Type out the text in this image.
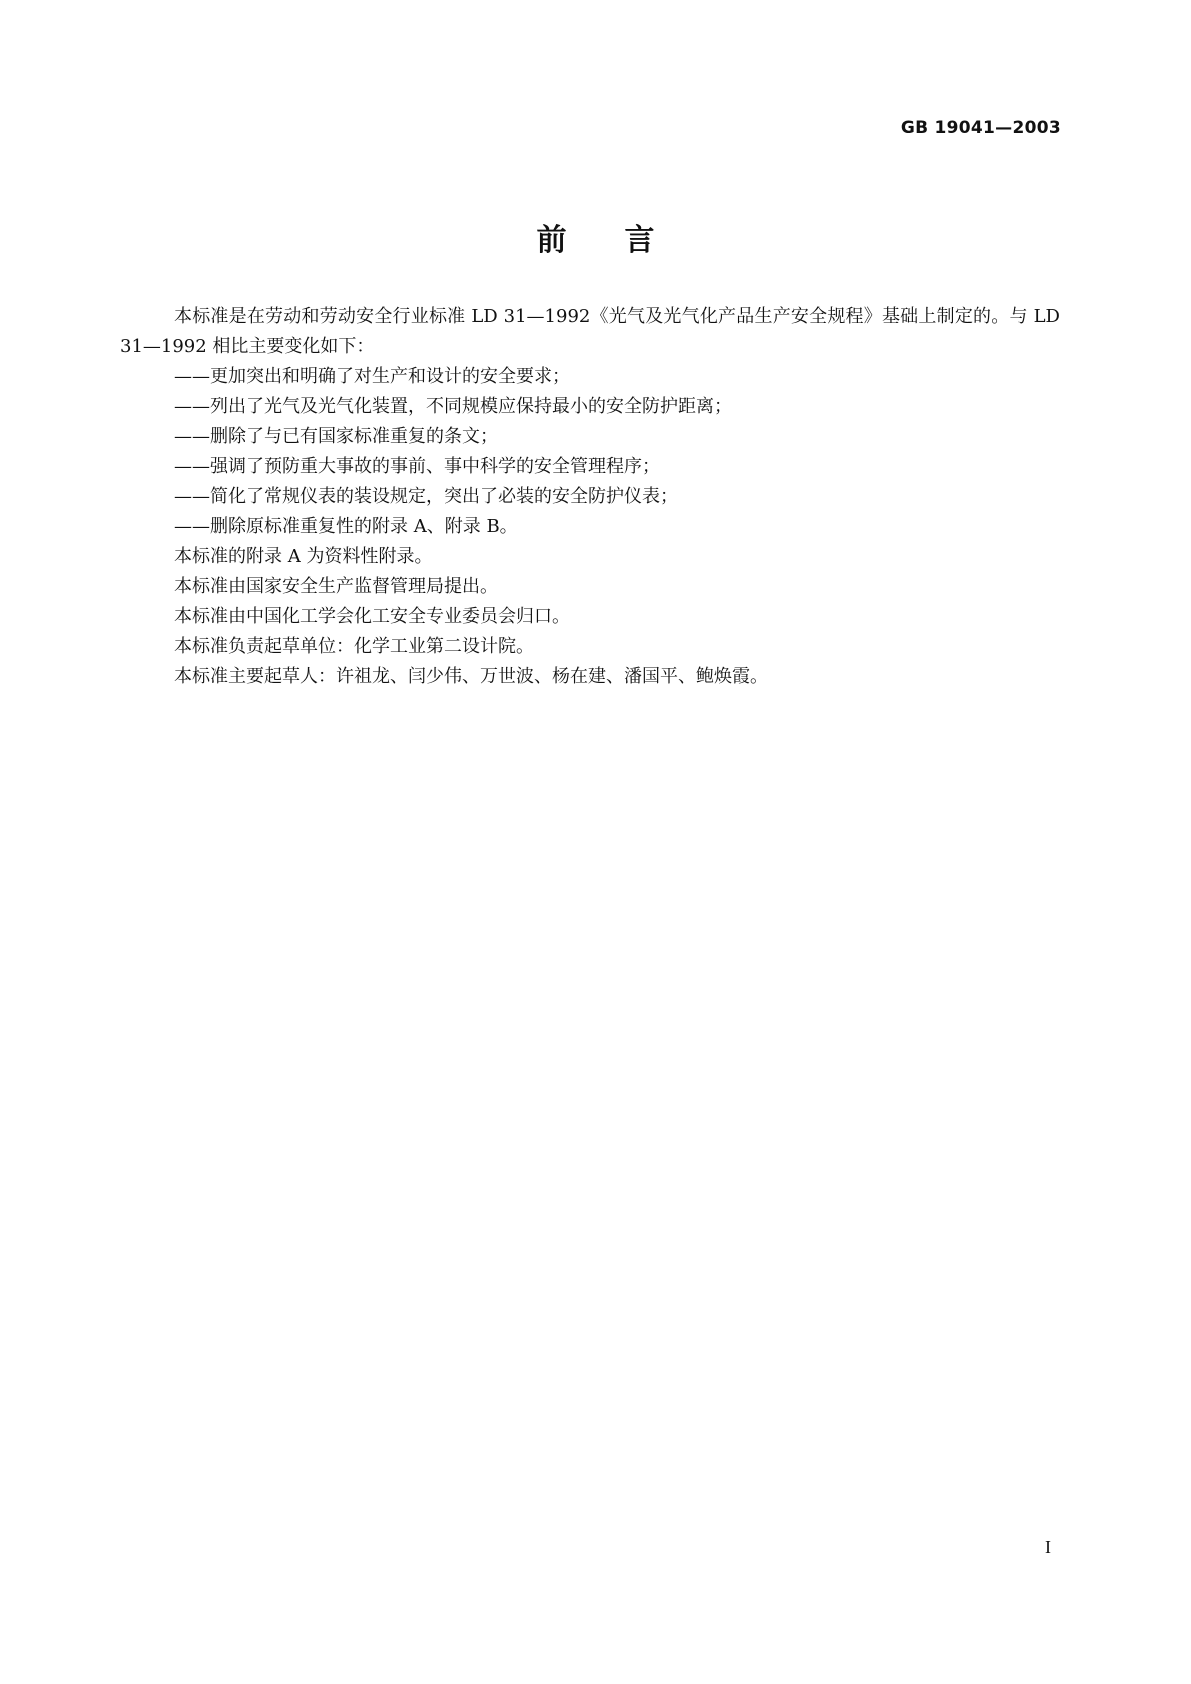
GB 19041—2003
前言

本标准是在劳动和劳动安全行业标准 LD 31—1992《光气及光气化产品生产安全规程》基础上制定的。与 LD 31—1992 相比主要变化如下：

——更加突出和明确了对生产和设计的安全要求；

——列出了光气及光气化装置，不同规模应保持最小的安全防护距离；

——删除了与已有国家标准重复的条文；

——强调了预防重大事故的事前、事中科学的安全管理程序；

——简化了常规仪表的装设规定，突出了必装的安全防护仪表；

——删除原标准重复性的附录 A、附录 B。

本标准的附录 A 为资料性附录。

本标准由国家安全生产监督管理局提出。

本标准由中国化工学会化工安全专业委员会归口。

本标准负责起草单位：化学工业第二设计院。

本标准主要起草人：许祖龙、闫少伟、万世波、杨在建、潘国平、鲍焕霞。

I
